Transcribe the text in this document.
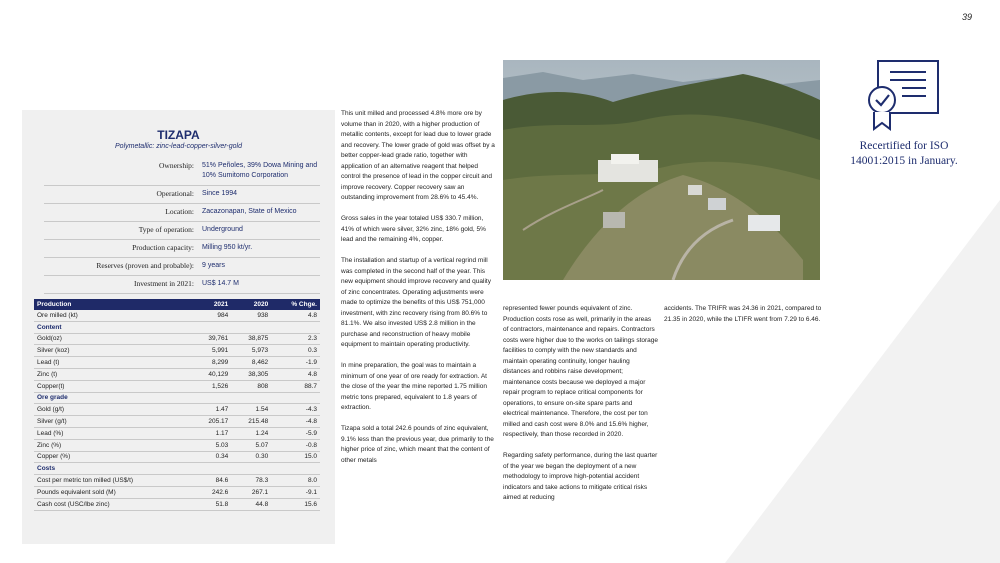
39
TIZAPA
Polymetallic: zinc-lead-copper-silver-gold
Ownership:	51% Peñoles, 39% Dowa Mining and 10% Sumitomo Corporation
Operational:	Since 1994
Location:	Zacazonapan, State of Mexico
Type of operation:	Underground
Production capacity:	Milling 950 kt/yr.
Reserves (proven and probable):	9 years
Investment in 2021:	US$ 14.7 M
Production	2021	2020	% Chge.
Ore milled (kt)	984	938	4.8
Content			
Gold(oz)	39,761	38,875	2.3
Silver (koz)	5,991	5,973	0.3
Lead (t)	8,299	8,462	-1.9
Zinc (t)	40,129	38,305	4.8
Copper(t)	1,526	808	88.7
Ore grade			
Gold (g/t)	1.47	1.54	-4.3
Silver (g/t)	205.17	215.48	-4.8
Lead (%)	1.17	1.24	-5.9
Zinc (%)	5.03	5.07	-0.8
Copper (%)	0.34	0.30	15.0
Costs			
Cost per metric ton milled (US$/t)	84.6	78.3	8.0
Pounds equivalent sold (M)	242.6	267.1	-9.1
Cash cost (USC/lbe zinc)	51.8	44.8	15.6

This unit milled and processed 4.8% more ore by volume than in 2020, with a higher production of metallic contents, except for lead due to lower grade and recovery. The lower grade of gold was offset by a better copper-lead grade ratio, together with application of an alternative reagent that helped control the presence of lead in the copper circuit and improve recovery. Copper recovery saw an outstanding improvement from 28.6% to 45.4%.

Gross sales in the year totaled US$ 330.7 million, 41% of which were silver, 32% zinc, 18% gold, 5% lead and the remaining 4%, copper.

The installation and startup of a vertical regrind mill was completed in the second half of the year. This new equipment should improve recovery and quality of zinc concentrates. Operating adjustments were made to optimize the benefits of this US$ 751,000 investment, with zinc recovery rising from 80.6% to 81.1%. We also invested US$ 2.8 million in the purchase and reconstruction of heavy mobile equipment to maintain operating productivity.

In mine preparation, the goal was to maintain a minimum of one year of ore ready for extraction. At the close of the year the mine reported 1.75 million metric tons prepared, equivalent to 1.8 years of extraction.

Tizapa sold a total 242.6 pounds of zinc equivalent, 9.1% less than the previous year, due primarily to the higher price of zinc, which meant that the content of other metals

represented fewer pounds equivalent of zinc. Production costs rose as well, primarily in the areas of contractors, maintenance and repairs. Contractors costs were higher due to the works on tailings storage facilities to comply with the new standards and maintain operating continuity, longer hauling distances and robbins raise development; maintenance costs because we deployed a major repair program to replace critical components for operations, to ensure on-site spare parts and electrical maintenance. Therefore, the cost per ton milled and cash cost were 8.0% and 15.6% higher, respectively, than those recorded in 2020.

Regarding safety performance, during the last quarter of the year we began the deployment of a new methodology to improve high-potential accident indicators and take actions to mitigate critical risks aimed at reducing

accidents. The TRIFR was 24.36 in 2021, compared to 21.35 in 2020, while the LTIFR went from 7.29 to 6.46.

Recertified for ISO 14001:2015 in January.
